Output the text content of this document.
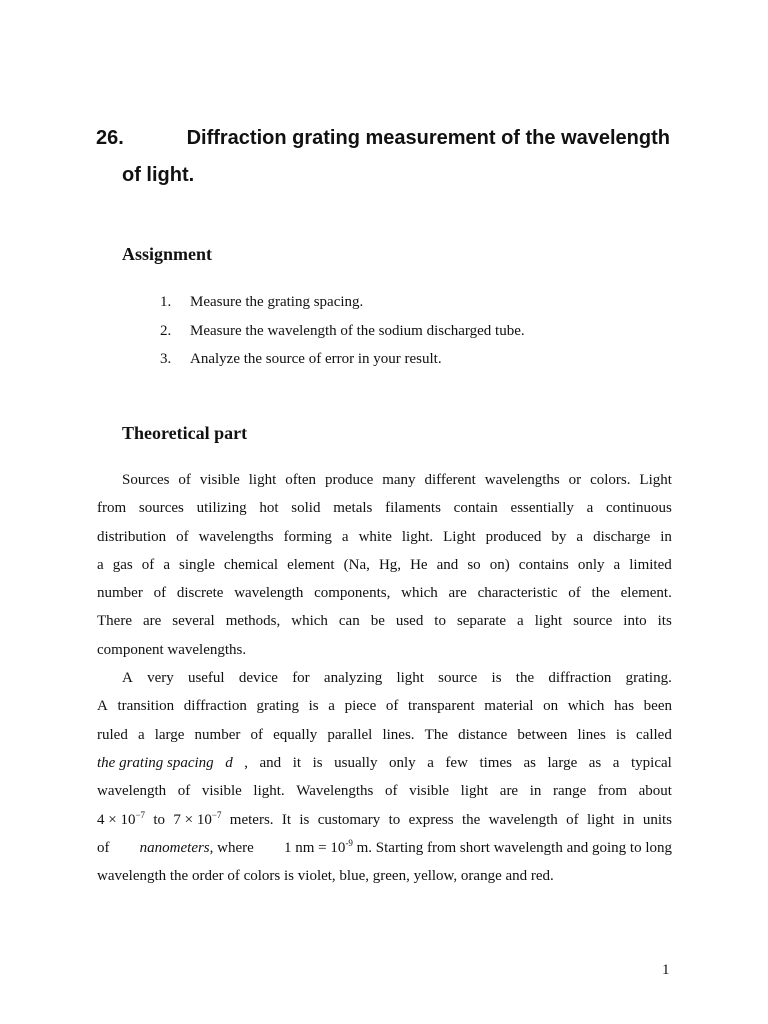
26.	Diffraction grating measurement of the wavelength
of light.
Assignment
1. Measure the grating spacing.
2. Measure the wavelength of the sodium discharged tube.
3. Analyze the source of error in your result.
Theoretical part
Sources of visible light often produce many different wavelengths or colors. Light
from sources utilizing hot solid metals filaments contain essentially a continuous
distribution of wavelengths forming a white light. Light produced by a discharge in
a gas of a single chemical element (Na, Hg, He and so on) contains only a limited
number of discrete wavelength components, which are characteristic of the element.
There are several methods, which can be used to separate a light source into its
component wavelengths.
A very useful device for analyzing light source is the diffraction grating.
A transition diffraction grating is a piece of transparent material on which has been
ruled a large number of equally parallel lines. The distance between lines is called
the grating spacing d , and it is usually only a few times as large as a typical
wavelength of visible light. Wavelengths of visible light are in range from about
$4 \times 10^{-7}$ to $7 \times 10^{-7}$ meters. It is customary to express the wavelength of light in units
of nanometers, where 1 nm = $10^{-9}$ m. Starting from short wavelength and going to long
wavelength the order of colors is violet, blue, green, yellow, orange and red.
1
